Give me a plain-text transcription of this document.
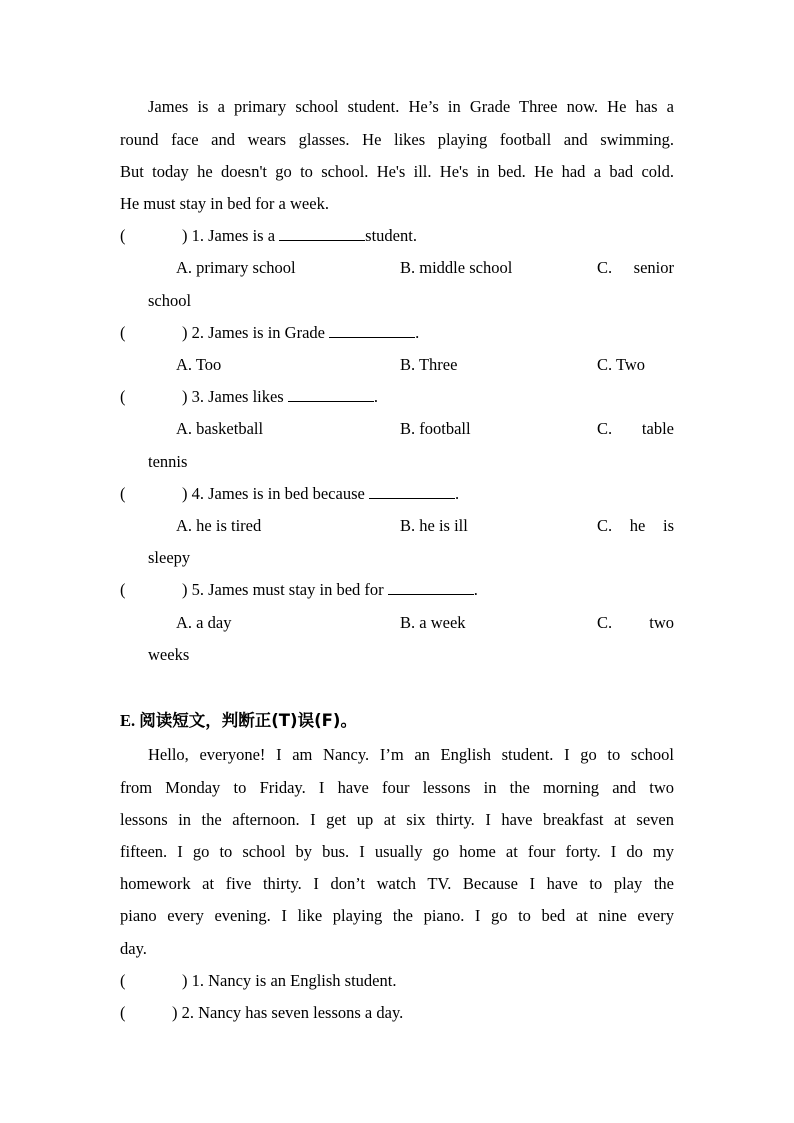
James is a primary school student. He’s in Grade Three now. He has a
round face and wears glasses. He likes playing football and swimming.
But today he doesn't go to school. He's ill. He's in bed. He had a bad cold.
He must stay in bed for a week.
(	) 1. James is a	student.
A. primary school	B. middle school	C. senior
school
(	) 2. James is in Grade	.
A. Too	B. Three	C. Two
(	) 3. James likes	.
A. basketball	B. football	C. table
tennis
(	) 4. James is in bed because	.
A. he is tired	B. he is ill	C. he is
sleepy
(	) 5. James must stay in bed for	.
A. a day	B. a week	C. two
weeks
E. 阅读短文，判断正(T)误(F)。
Hello, everyone! I am Nancy. I’m an English student. I go to school
from Monday to Friday. I have four lessons in the morning and two
lessons in the afternoon. I get up at six thirty. I have breakfast at seven
fifteen. I go to school by bus. I usually go home at four forty. I do my
homework at five thirty. I don’t watch TV. Because I have to play the
piano every evening. I like playing the piano. I go to bed at nine every
day.
(	) 1. Nancy is an English student.
(	) 2. Nancy has seven lessons a day.
